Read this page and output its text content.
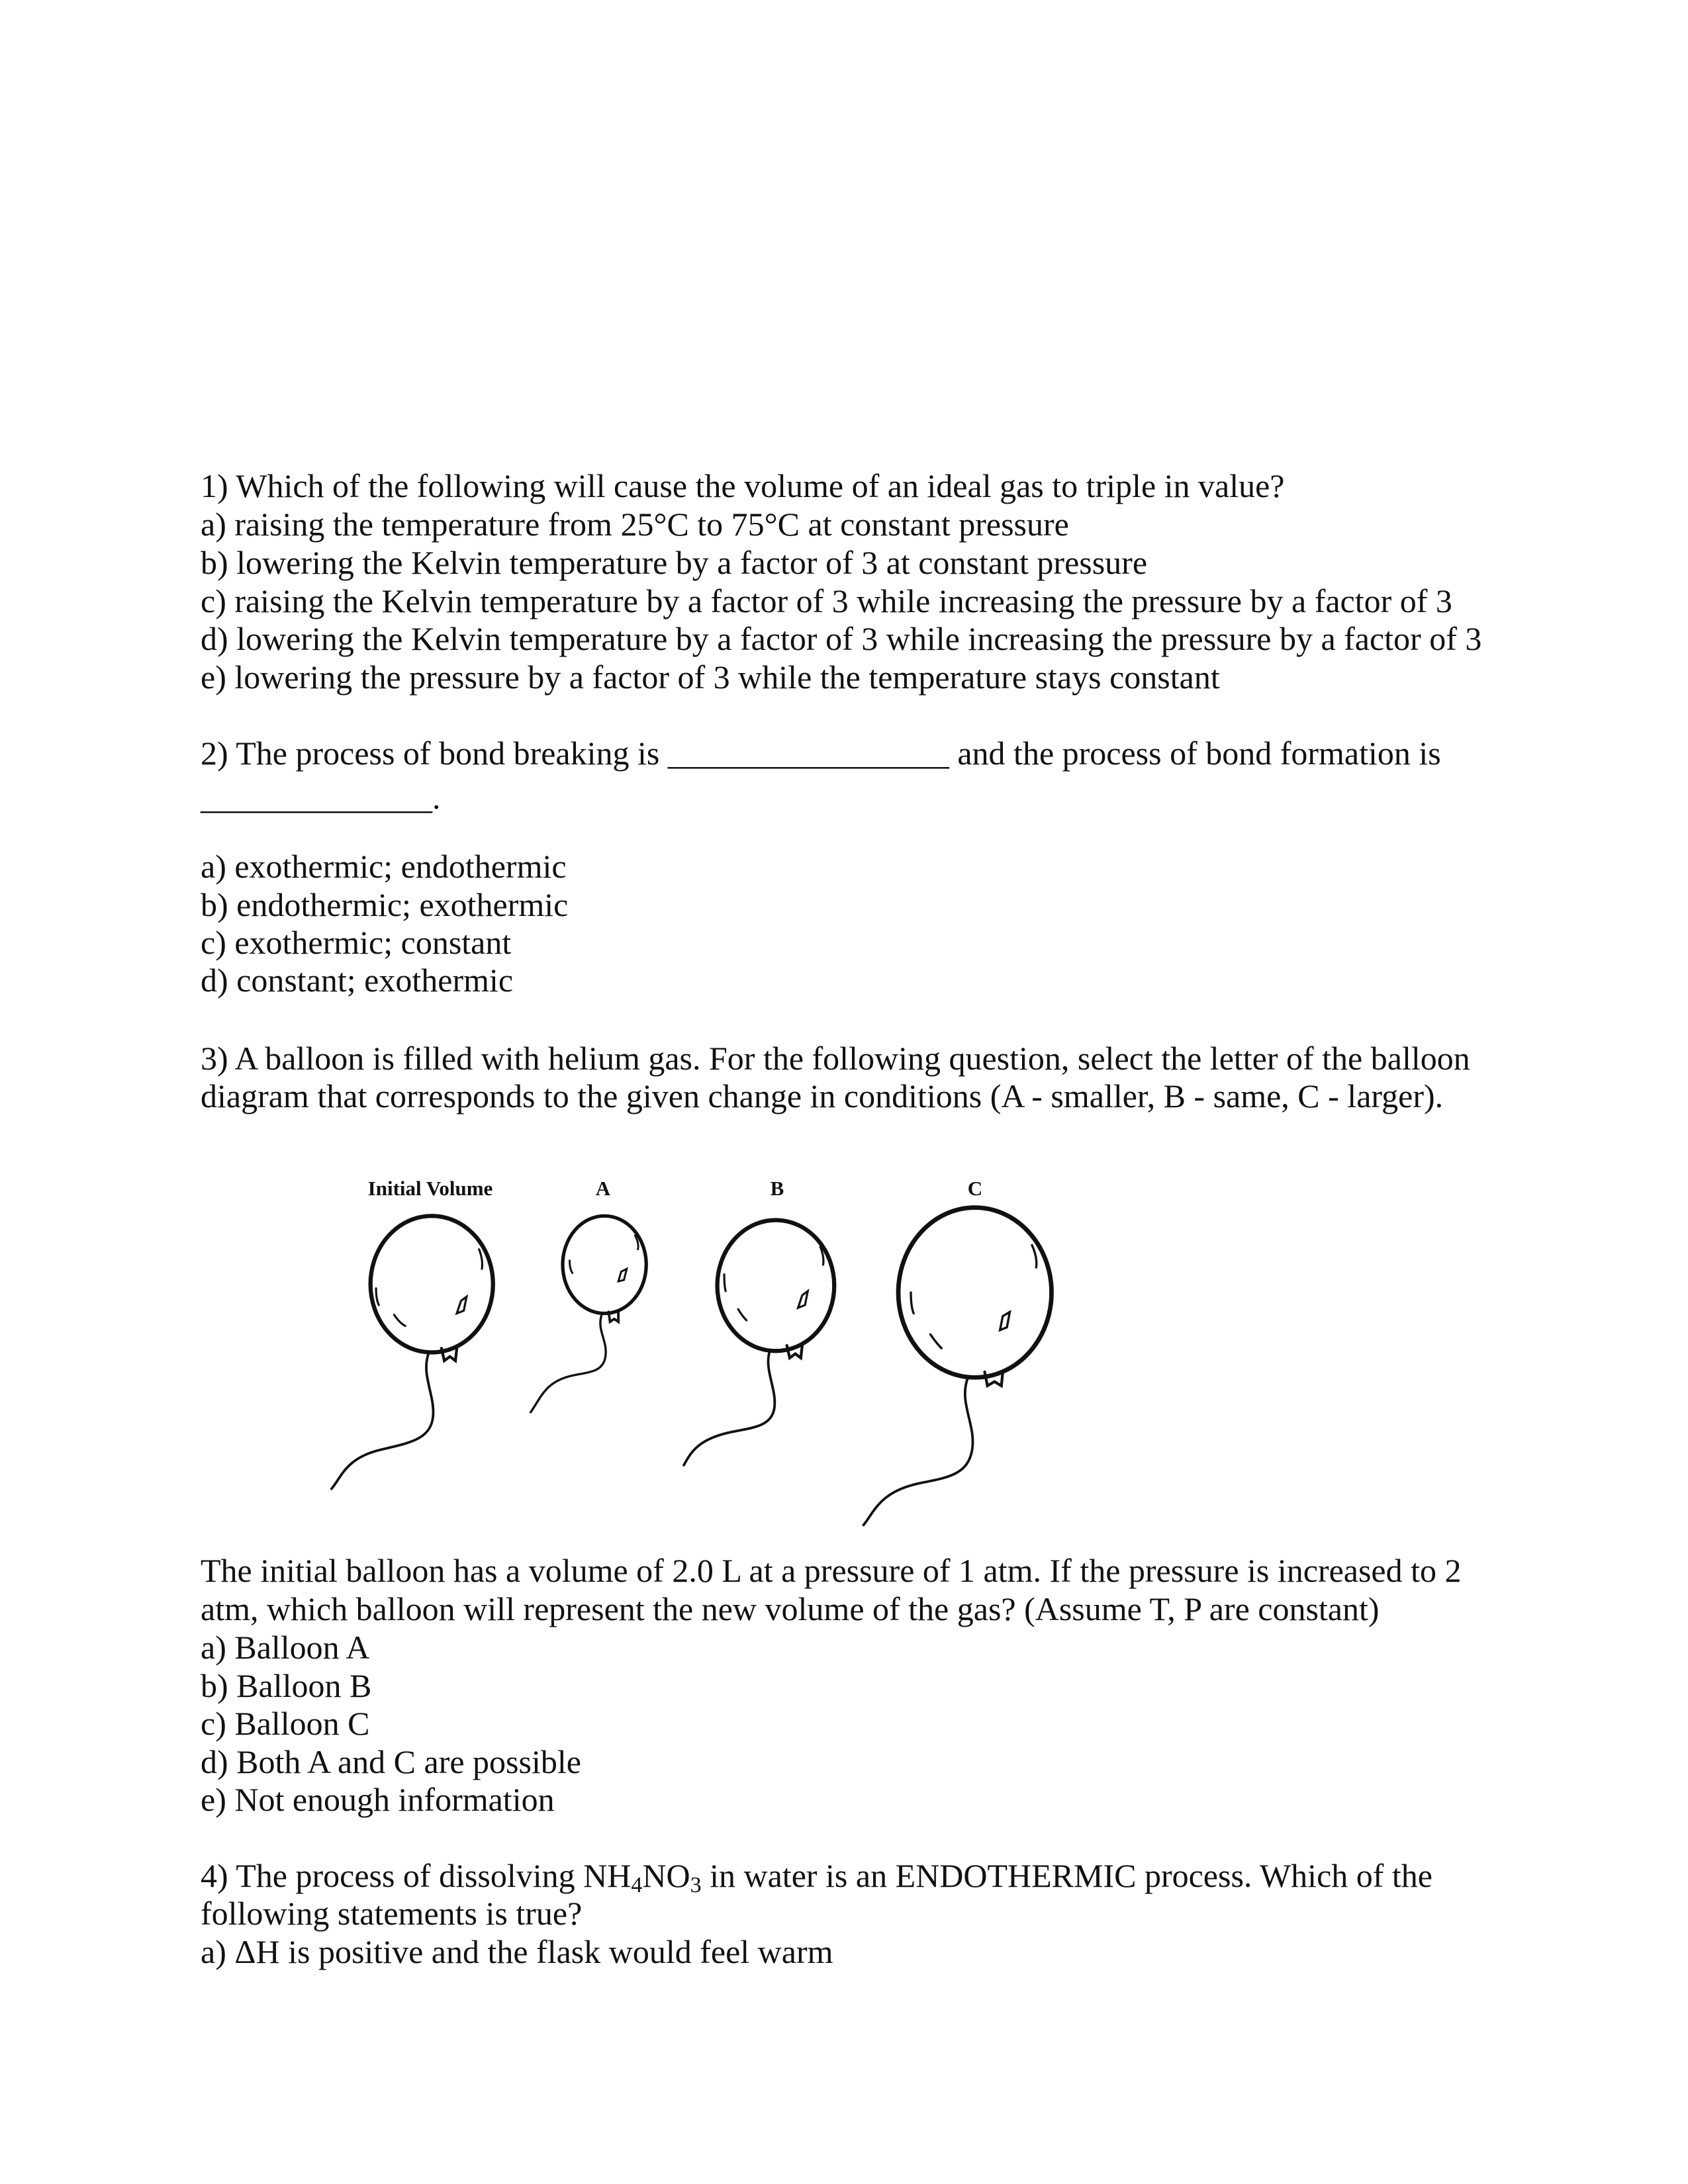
1) Which of the following will cause the volume of an ideal gas to triple in value?
a) raising the temperature from 25°C to 75°C at constant pressure
b) lowering the Kelvin temperature by a factor of 3 at constant pressure
c) raising the Kelvin temperature by a factor of 3 while increasing the pressure by a factor of 3
d) lowering the Kelvin temperature by a factor of 3 while increasing the pressure by a factor of 3
e) lowering the pressure by a factor of 3 while the temperature stays constant
2) The process of bond breaking is _________________ and the process of bond formation is
______________.
a) exothermic; endothermic
b) endothermic; exothermic
c) exothermic; constant
d) constant; exothermic
3) A balloon is filled with helium gas. For the following question, select the letter of the balloon
diagram that corresponds to the given change in conditions (A - smaller, B - same, C - larger).
Initial Volume	A	B	C
The initial balloon has a volume of 2.0 L at a pressure of 1 atm. If the pressure is increased to 2
atm, which balloon will represent the new volume of the gas? (Assume T, P are constant)
a) Balloon A
b) Balloon B
c) Balloon C
d) Both A and C are possible
e) Not enough information
4) The process of dissolving $NH_4NO_3$ in water is an ENDOTHERMIC process. Which of the
following statements is true?
a) ΔH is positive and the flask would feel warm
